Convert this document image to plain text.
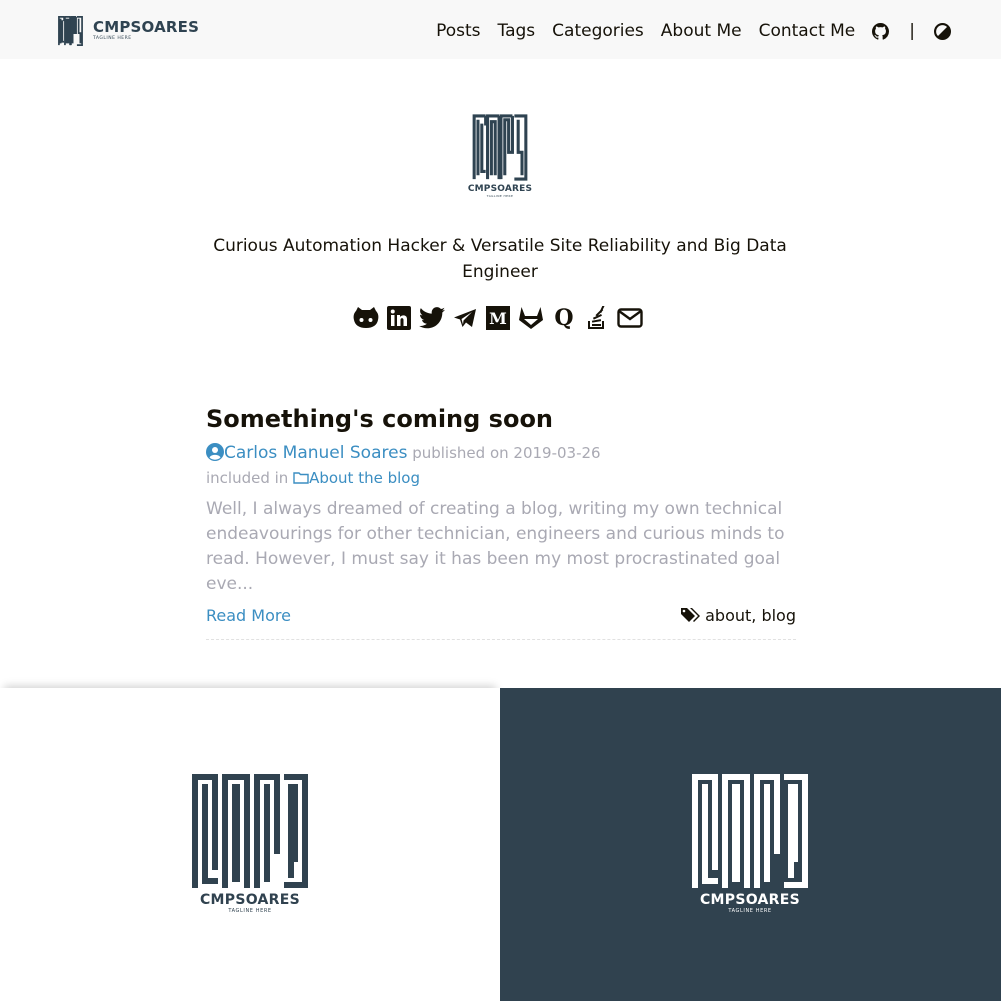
CMPSOARES
TAGLINE HERE	Posts Tags Categories About Me Contact Me	|
CMPSOARES
TAGLINE HERE
Curious Automation Hacker & Versatile Site Reliability and Big Data Engineer
M Q
Something's coming soon
Carlos Manuel Soares published on 2019-03-26
included in About the blog
Well, I always dreamed of creating a blog, writing my own technical endeavourings for other technician, engineers and curious minds to read. However, I must say it has been my most procrastinated goal eve...
Read More	about, blog
CMPSOARES
TAGLINE HERE
CMPSOARES
TAGLINE HERE
